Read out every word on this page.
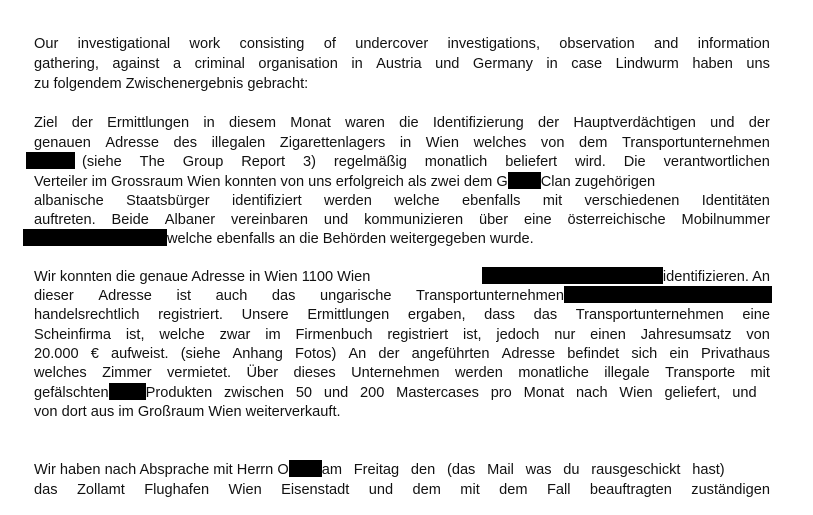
Our investigational work consisting of undercover investigations, observation and information
gathering, against a criminal organisation in Austria und Germany in case Lindwurm haben uns
zu folgendem Zwischenergebnis gebracht:
Ziel der Ermittlungen in diesem Monat waren die Identifizierung der Hauptverdächtigen und der
genauen Adresse des illegalen Zigarettenlagers in Wien welches von dem Transportunternehmen
(siehe The Group Report 3) regelmäßig monatlich beliefert wird. Die verantwortlichen
Verteiler im Grossraum Wien konnten von uns erfolgreich als zwei dem G Clan zugehörigen
albanische Staatsbürger identifiziert werden welche ebenfalls mit verschiedenen Identitäten
auftreten. Beide Albaner vereinbaren und kommunizieren über eine österreichische Mobilnummer
welche ebenfalls an die Behörden weitergegeben wurde.
Wir konnten die genaue Adresse in Wien 1100 Wien	identifizieren. An
dieser Adresse ist auch das ungarische Transportunternehmen
handelsrechtlich registriert. Unsere Ermittlungen ergaben, dass das Transportunternehmen eine
Scheinfirma ist, welche zwar im Firmenbuch registriert ist, jedoch nur einen Jahresumsatz von
20.000 € aufweist. (siehe Anhang Fotos) An der angeführten Adresse befindet sich ein Privathaus
welches Zimmer vermietet. Über dieses Unternehmen werden monatliche illegale Transporte mit
gefälschten	Produkten zwischen 50 und 200 Mastercases pro Monat nach Wien geliefert, und
von dort aus im Großraum Wien weiterverkauft.
Wir haben nach Absprache mit Herrn O am Freitag den (das Mail was du rausgeschickt hast)
das Zollamt Flughafen Wien Eisenstadt und dem mit dem Fall beauftragten zuständigen
